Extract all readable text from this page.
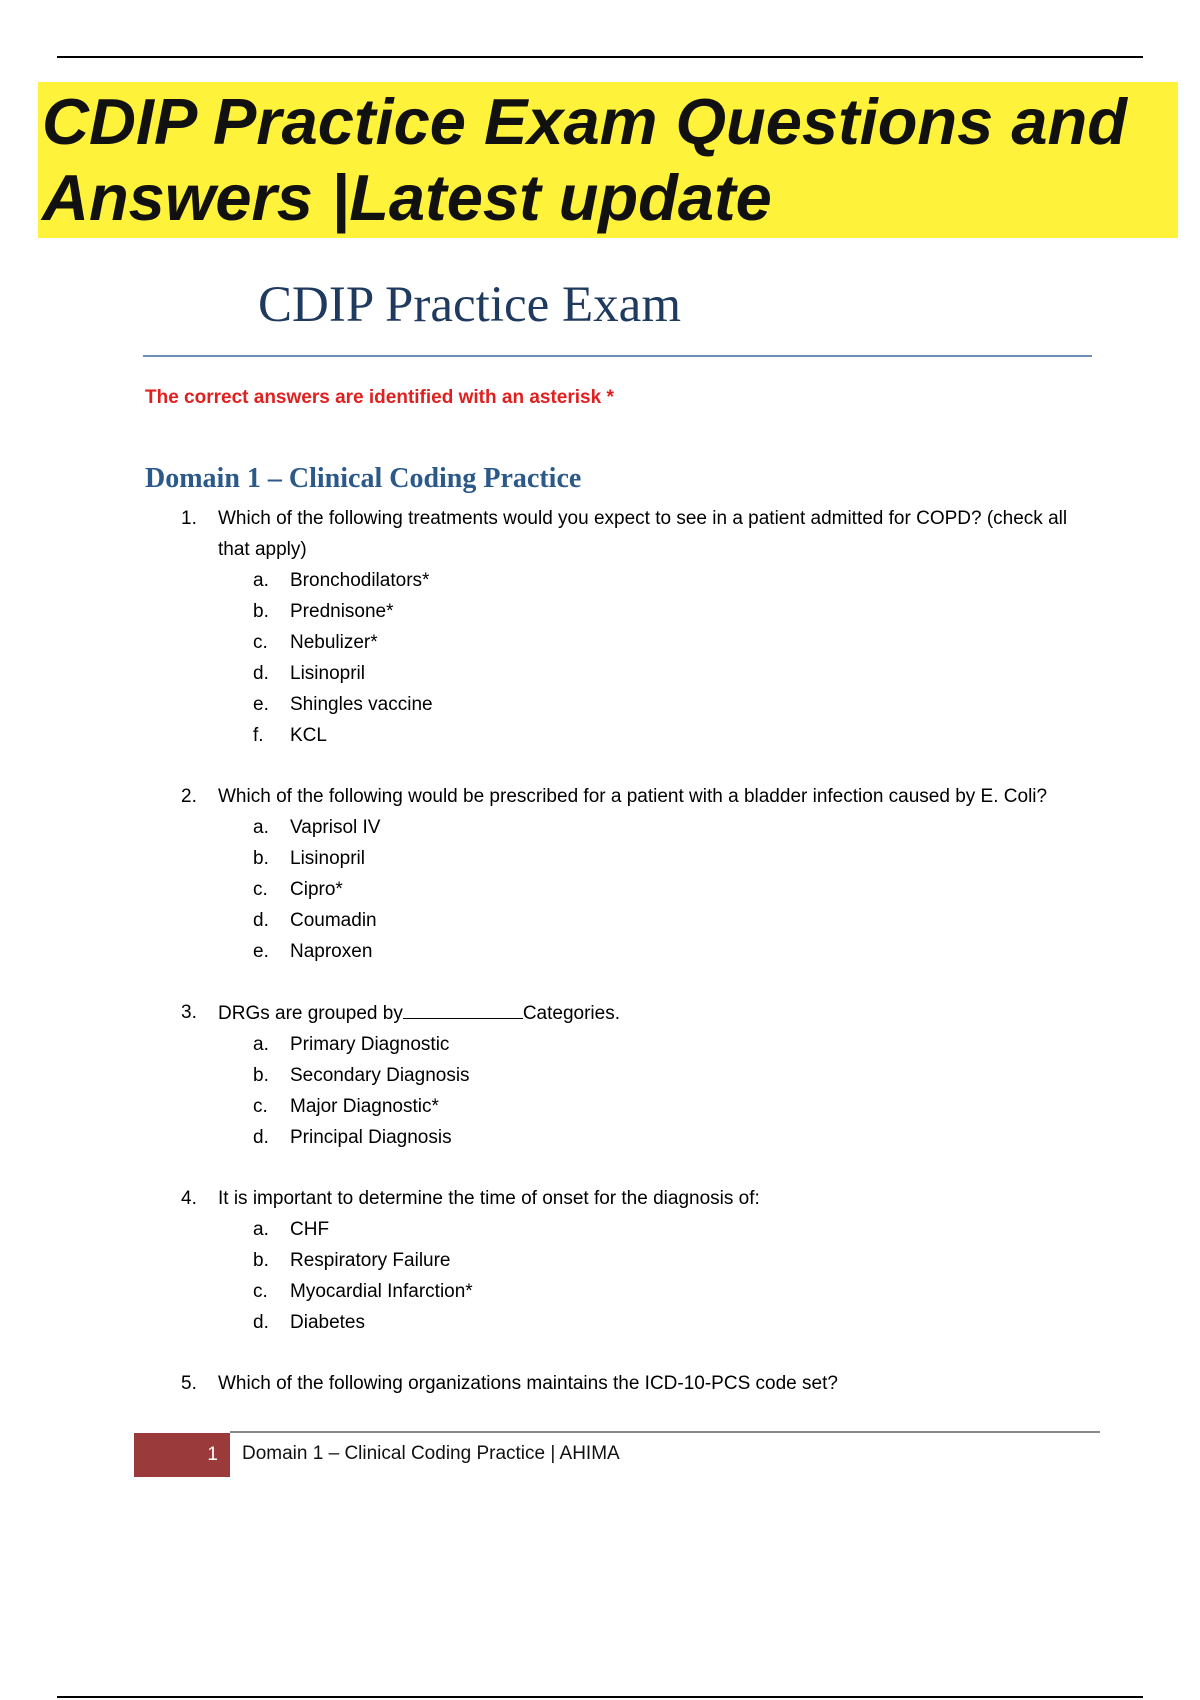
CDIP Practice Exam Questions and
Answers |Latest update
CDIP Practice Exam
The correct answers are identified with an asterisk *
Domain 1 – Clinical Coding Practice
1.	Which of the following treatments would you expect to see in a patient admitted for COPD? (check all that apply)
a.	Bronchodilators*
b.	Prednisone*
c.	Nebulizer*
d.	Lisinopril
e.	Shingles vaccine
f.	KCL
2.	Which of the following would be prescribed for a patient with a bladder infection caused by E. Coli?
a.	Vaprisol IV
b.	Lisinopril
c.	Cipro*
d.	Coumadin
e.	Naproxen
3.	DRGs are grouped by	Categories.
a.	Primary Diagnostic
b.	Secondary Diagnosis
c.	Major Diagnostic*
d.	Principal Diagnosis
4.	It is important to determine the time of onset for the diagnosis of:
a.	CHF
b.	Respiratory Failure
c.	Myocardial Infarction*
d.	Diabetes
5.	Which of the following organizations maintains the ICD-10-PCS code set?
1	Domain 1 – Clinical Coding Practice | AHIMA
